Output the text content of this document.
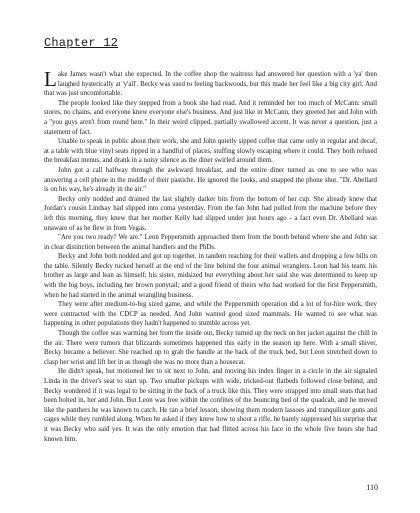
Chapter 12

Lake James wasn't what she expected. In the coffee shop the waitress had answered her question with a 'ya' then laughed hysterically at 'y'all'. Becky was used to feeling backwoods, but this made her feel like a big city girl. And that was just uncomfortable.

The people looked like they stepped from a book she had read. And it reminded her too much of McCann: small stores, no chains, and everyone knew everyone else's business. And just like in McCann, they greeted her and John with a "you guys aren't from round here." In their weird clipped, partially swallowed accent. It was never a question, just a statement of fact.

Unable to speak in public about their work, she and John quietly sipped coffee that came only in regular and decaf, at a table with blue vinyl seats ripped in a handful of places, stuffing slowly escaping where it could. They both refused the breakfast menus, and drank in a noisy silence as the diner swirled around them.

John got a call halfway through the awkward breakfast, and the entire diner turned as one to see who was answering a cell phone in the middle of their pastiche. He ignored the looks, and snapped the phone shut. "Dr. Abellard is on his way, he's already in the air."

Becky only nodded and drained the last slightly darker bits from the bottom of her cup. She already knew that Jordan's cousin Lindsay had slipped into coma yesterday. From the fan John had pulled from the machine before they left this morning, they knew that her mother Kelly had slipped under just hours ago - a fact even Dr. Abellard was unaware of as he flew in from Vegas.

"Are you two ready? We are." Leon Peppersmith approached them from the booth behind where she and John sat in clear distinction between the animal handlers and the PhDs.

Becky and John both nodded and got up together, in tandem reaching for their wallets and dropping a few bills on the table. Silently Becky tucked herself at the end of the line behind the four animal wranglers. Leon had his team: his brother as large and lean as himself; his sister, midsized but everything about her said she was determined to keep up with the big boys, including her brown ponytail; and a good friend of theirs who had worked for the first Peppersmith, when he had started in the animal wrangling business.

They were after medium-to-big sized game, and while the Peppersmith operation did a lot of for-hire work, they were contracted with the CDCP as needed. And John wanted good sized mammals. He wanted to see what was happening in other populations they hadn't happened to stumble across yet.

Though the coffee was warming her from the inside out, Becky turned up the neck on her jacket against the chill in the air. There were rumors that blizzards sometimes happened this early in the season up here. With a small shiver, Becky became a believer. She reached up to grab the handle at the back of the truck bed, but Leon stretched down to clasp her wrist and lift her in as though she was no more than a housecat.

He didn't speak, but motioned her to sit next to John, and moving his index finger in a circle in the air signaled Linda in the driver's seat to start up. Two smaller pickups with wide, tricked-out flatbeds followed close behind, and Becky wondered if it was legal to be sitting in the back of a truck like this. They were strapped into small seats that had been bolted in, her and John. But Leon was free within the confines of the bouncing bed of the quadcab, and he moved like the panthers he was known to catch. He ran a brief lesson, showing them modern lassoes and tranquilizer guns and cages while they rumbled along. When he asked if they knew how to shoot a rifle, he barely suppressed his surprise that it was Becky who said yes. It was the only emotion that had flitted across his face in the whole five hours she had known him.

110
